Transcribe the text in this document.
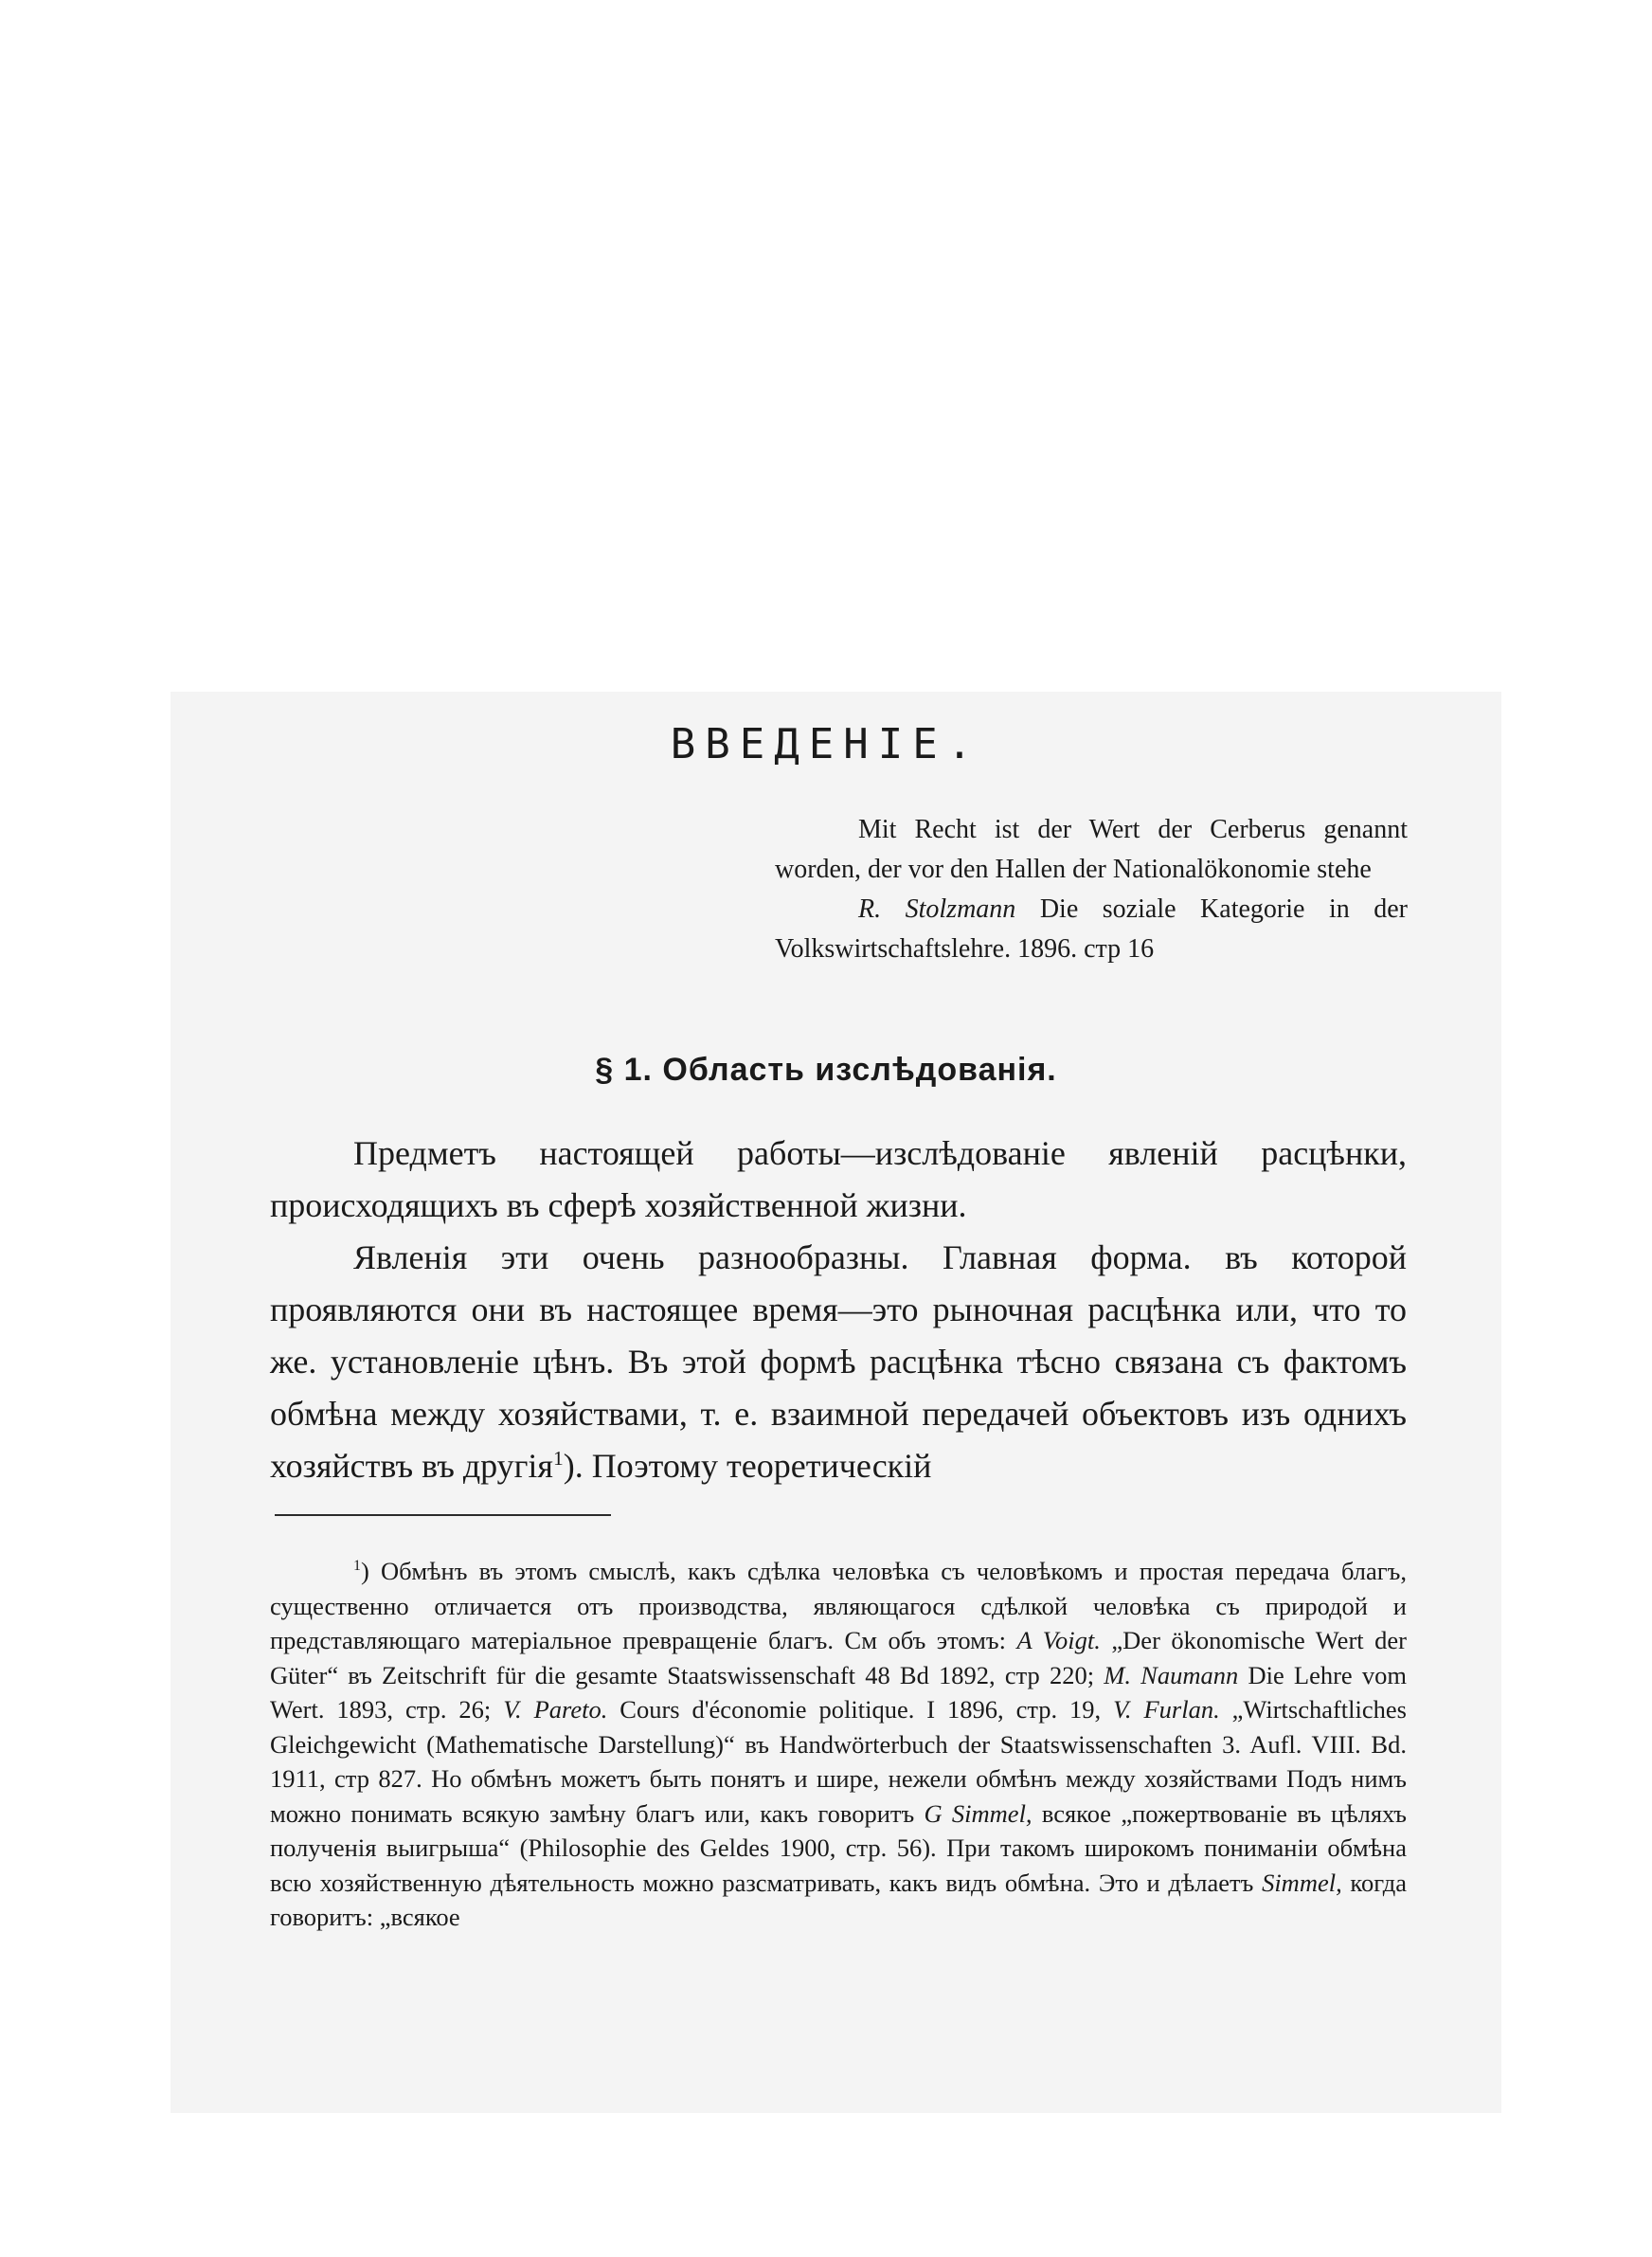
ВВЕДЕНІЕ.

Mit Recht ist der Wert der Cerberus genannt worden, der vor den Hallen der Nationalökonomie stehe

R. Stolzmann Die soziale Kategorie in der Volkswirtschaftslehre. 1896. стр 16

§ 1. Область изслѣдованія.

Предметъ настоящей работы—изслѣдованіе явленій расцѣнки, происходящихъ въ сферѣ хозяйственной жизни.

Явленія эти очень разнообразны. Главная форма. въ которой проявляются они въ настоящее время—это рыночная расцѣнка или, что то же. установленіе цѣнъ. Въ этой формѣ расцѣнка тѣсно связана съ фактомъ обмѣна между хозяйствами, т. е. взаимной передачей объектовъ изъ однихъ хозяйствъ въ другія$^1$). Поэтому теоретическій

$^1$) Обмѣнъ въ этомъ смыслѣ, какъ сдѣлка человѣка съ человѣкомъ и простая передача благъ, существенно отличается отъ производства, являющагося сдѣлкой человѣка съ природой и представляющаго матеріальное превращеніе благъ. См объ этомъ: A Voigt. „Der ökonomische Wert der Güter“ въ Zeitschrift für die gesamte Staatswissenschaft 48 Bd 1892, стр 220; M. Naumann Die Lehre vom Wert. 1893, стр. 26; V. Pareto. Cours d'économie politique. I 1896, стр. 19, V. Furlan. „Wirtschaftliches Gleichgewicht (Mathematische Darstellung)“ въ Handwörterbuch der Staatswissenschaften 3. Aufl. VIII. Bd. 1911, стр 827. Но обмѣнъ можетъ быть понятъ и шире, нежели обмѣнъ между хозяйствами Подъ нимъ можно понимать всякую замѣну благъ или, какъ говоритъ G Simmel, всякое „пожертвованіе въ цѣляхъ полученія выигрыша“ (Philosophie des Geldes 1900, стр. 56). При такомъ широкомъ пониманіи обмѣна всю хозяйственную дѣятельность можно разсматривать, какъ видъ обмѣна. Это и дѣлаетъ Simmel, когда говоритъ: „всякое
